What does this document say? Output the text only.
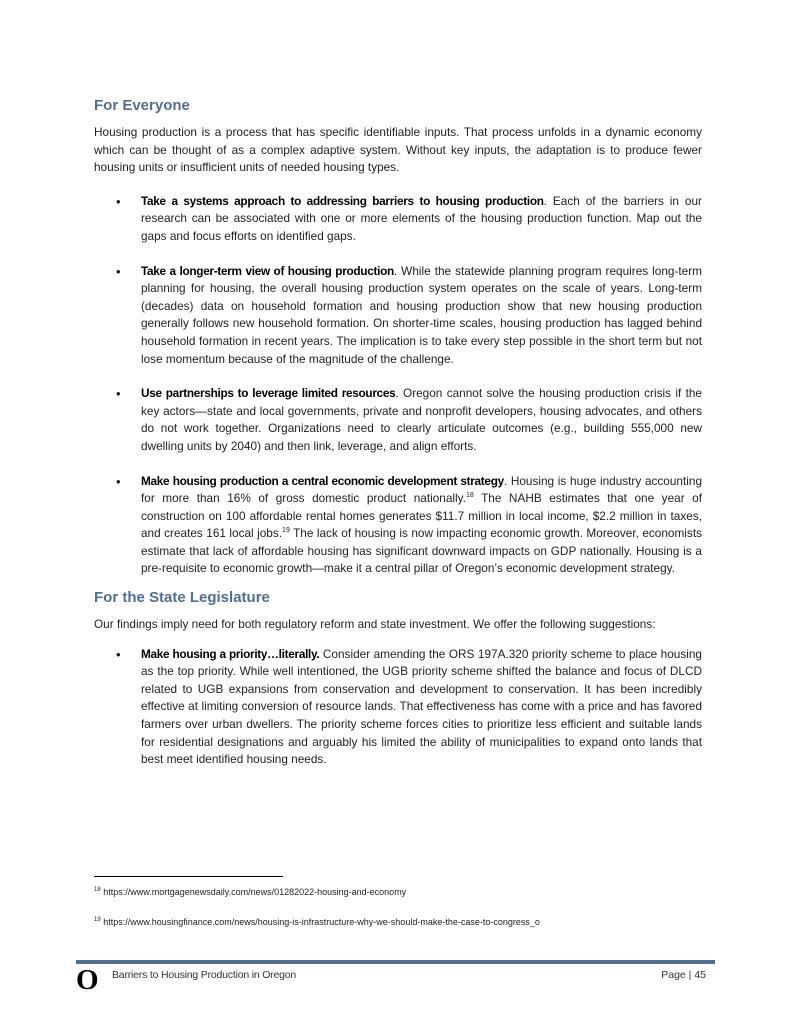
For Everyone

Housing production is a process that has specific identifiable inputs. That process unfolds in a dynamic economy which can be thought of as a complex adaptive system. Without key inputs, the adaptation is to produce fewer housing units or insufficient units of needed housing types.

• Take a systems approach to addressing barriers to housing production. Each of the barriers in our research can be associated with one or more elements of the housing production function. Map out the gaps and focus efforts on identified gaps.
• Take a longer-term view of housing production. While the statewide planning program requires long-term planning for housing, the overall housing production system operates on the scale of years. Long-term (decades) data on household formation and housing production show that new housing production generally follows new household formation. On shorter-time scales, housing production has lagged behind household formation in recent years. The implication is to take every step possible in the short term but not lose momentum because of the magnitude of the challenge.
• Use partnerships to leverage limited resources. Oregon cannot solve the housing production crisis if the key actors—state and local governments, private and nonprofit developers, housing advocates, and others do not work together. Organizations need to clearly articulate outcomes (e.g., building 555,000 new dwelling units by 2040) and then link, leverage, and align efforts.
• Make housing production a central economic development strategy. Housing is huge industry accounting for more than 16% of gross domestic product nationally.$^{18}$ The NAHB estimates that one year of construction on 100 affordable rental homes generates $11.7 million in local income, $2.2 million in taxes, and creates 161 local jobs.$^{19}$ The lack of housing is now impacting economic growth. Moreover, economists estimate that lack of affordable housing has significant downward impacts on GDP nationally. Housing is a pre-requisite to economic growth—make it a central pillar of Oregon’s economic development strategy.
For the State Legislature

Our findings imply need for both regulatory reform and state investment. We offer the following suggestions:

• Make housing a priority…literally. Consider amending the ORS 197A.320 priority scheme to place housing as the top priority. While well intentioned, the UGB priority scheme shifted the balance and focus of DLCD related to UGB expansions from conservation and development to conservation. It has been incredibly effective at limiting conversion of resource lands. That effectiveness has come with a price and has favored farmers over urban dwellers. The priority scheme forces cities to prioritize less efficient and suitable lands for residential designations and arguably his limited the ability of municipalities to expand onto lands that best meet identified housing needs.
$^{18}$ https://www.mortgagenewsdaily.com/news/01282022-housing-and-economy
$^{19}$ https://www.housingfinance.com/news/housing-is-infrastructure-why-we-should-make-the-case-to-congress_o
O Barriers to Housing Production in Oregon	Page | 45
